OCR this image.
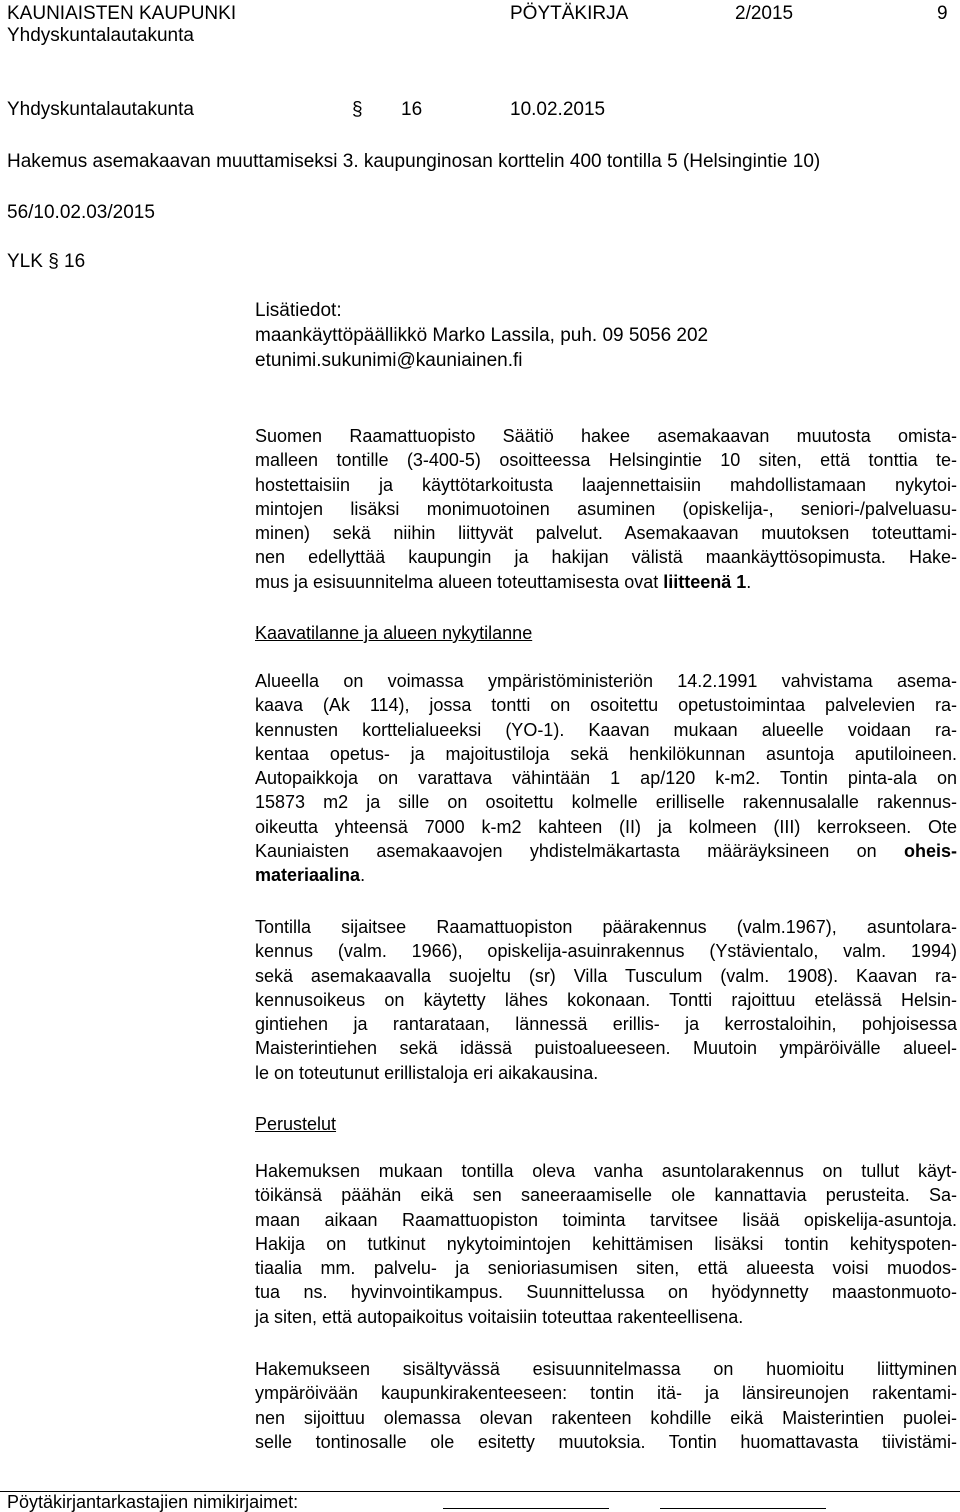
KAUNIAISTEN KAUPUNKI
Yhdyskuntalautakunta
PÖYTÄKIRJA	2/2015	9
Yhdyskuntalautakunta	§ 16	10.02.2015
Hakemus asemakaavan muuttamiseksi 3. kaupunginosan korttelin 400 tontilla 5 (Helsingintie 10)
56/10.02.03/2015
YLK § 16
Lisätiedot:
maankäyttöpäällikkö Marko Lassila, puh. 09 5056 202
etunimi.sukunimi@kauniainen.fi
Suomen Raamattuopisto Säätiö hakee asemakaavan muutosta omista-
malleen tontille (3-400-5) osoitteessa Helsingintie 10 siten, että tonttia te-
hostettaisiin ja käyttötarkoitusta laajennettaisiin mahdollistamaan nykytoi-
mintojen lisäksi monimuotoinen asuminen (opiskelija-, seniori-/palveluasu-
minen) sekä niihin liittyvät palvelut. Asemakaavan muutoksen toteuttami-
nen edellyttää kaupungin ja hakijan välistä maankäyttösopimusta. Hake-
mus ja esisuunnitelma alueen toteuttamisesta ovat liitteenä 1.
Kaavatilanne ja alueen nykytilanne
Alueella on voimassa ympäristöministeriön 14.2.1991 vahvistama asema-
kaava (Ak 114), jossa tontti on osoitettu opetustoimintaa palvelevien ra-
kennusten korttelialueeksi (YO-1). Kaavan mukaan alueelle voidaan ra-
kentaa opetus- ja majoitustiloja sekä henkilökunnan asuntoja aputiloineen.
Autopaikkoja on varattava vähintään 1 ap/120 k-m2. Tontin pinta-ala on
15873 m2 ja sille on osoitettu kolmelle erilliselle rakennusalalle rakennus-
oikeutta yhteensä 7000 k-m2 kahteen (II) ja kolmeen (III) kerrokseen. Ote
Kauniaisten asemakaavojen yhdistelmäkartasta määräyksineen on oheis-
materiaalina.
Tontilla sijaitsee Raamattuopiston päärakennus (valm.1967), asuntolara-
kennus (valm. 1966), opiskelija-asuinrakennus (Ystävientalo, valm. 1994)
sekä asemakaavalla suojeltu (sr) Villa Tusculum (valm. 1908). Kaavan ra-
kennusoikeus on käytetty lähes kokonaan. Tontti rajoittuu etelässä Helsin-
gintiehen ja rantarataan, lännessä erillis- ja kerrostaloihin, pohjoisessa
Maisterintiehen sekä idässä puistoalueeseen. Muutoin ympäröivälle alueel-
le on toteutunut erillistaloja eri aikakausina.
Perustelut
Hakemuksen mukaan tontilla oleva vanha asuntolarakennus on tullut käyt-
töikänsä päähän eikä sen saneeraamiselle ole kannattavia perusteita. Sa-
maan aikaan Raamattuopiston toiminta tarvitsee lisää opiskelija-asuntoja.
Hakija on tutkinut nykytoimintojen kehittämisen lisäksi tontin kehityspoten-
tiaalia mm. palvelu- ja senioriasumisen siten, että alueesta voisi muodos-
tua ns. hyvinvointikampus. Suunnittelussa on hyödynnetty maastonmuoto-
ja siten, että autopaikoitus voitaisiin toteuttaa rakenteellisena.
Hakemukseen sisältyvässä esisuunnitelmassa on huomioitu liittyminen
ympäröivään kaupunkirakenteeseen: tontin itä- ja länsireunojen rakentami-
nen sijoittuu olemassa olevan rakenteen kohdille eikä Maisterintien puolei-
selle tontinosalle ole esitetty muutoksia. Tontin huomattavasta tiivistämi-
Pöytäkirjantarkastajien nimikirjaimet:
